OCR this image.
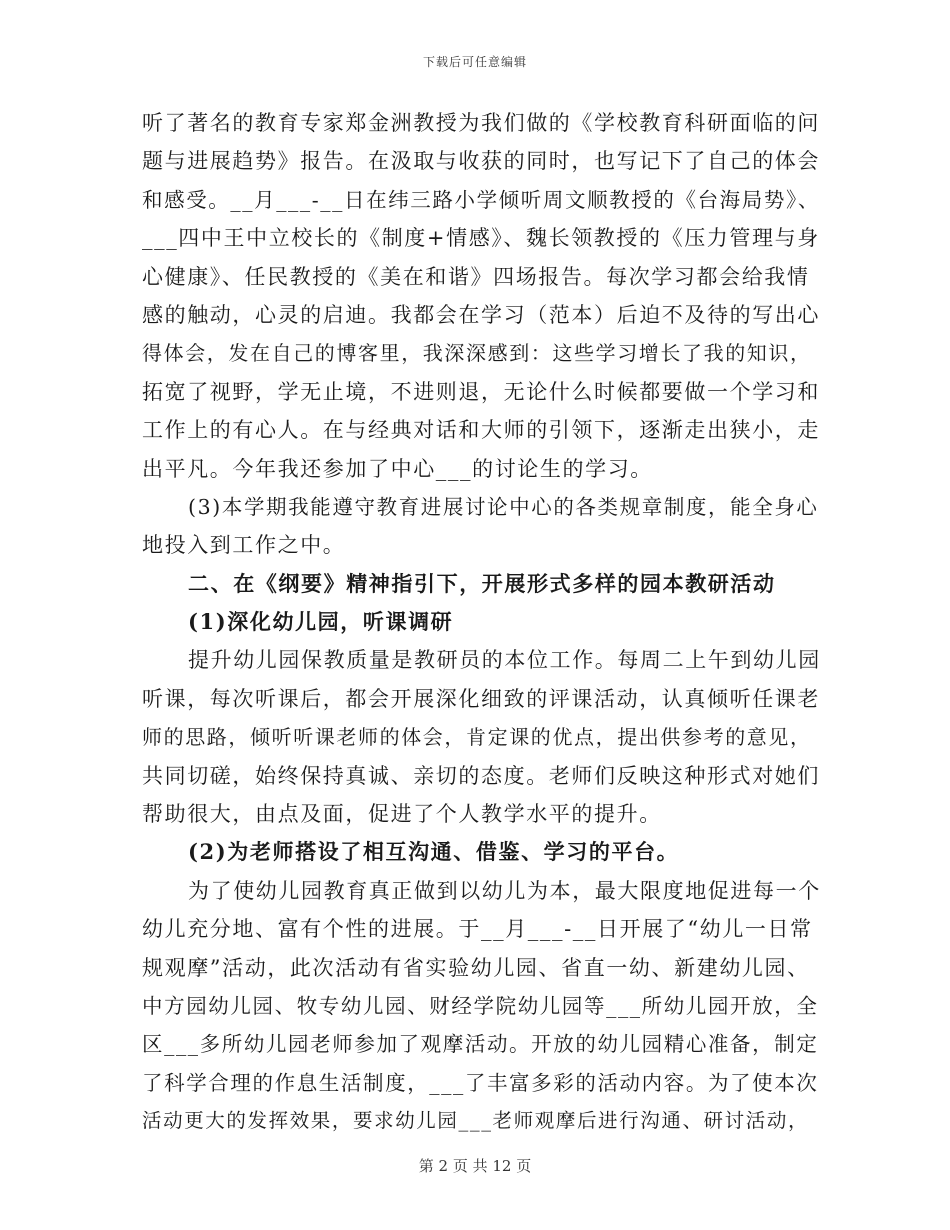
下载后可任意编辑
听了著名的教育专家郑金洲教授为我们做的《学校教育科研面临的问
题与进展趋势》报告。在汲取与收获的同时，也写记下了自己的体会
和感受。__月___-__日在纬三路小学倾听周文顺教授的《台海局势》、
___四中王中立校长的《制度+情感》、魏长领教授的《压力管理与身
心健康》、任民教授的《美在和谐》四场报告。每次学习都会给我情
感的触动，心灵的启迪。我都会在学习（范本）后迫不及待的写出心
得体会，发在自己的博客里，我深深感到：这些学习增长了我的知识，
拓宽了视野，学无止境，不进则退，无论什么时候都要做一个学习和
工作上的有心人。在与经典对话和大师的引领下，逐渐走出狭小，走
出平凡。今年我还参加了中心___的讨论生的学习。
(3)本学期我能遵守教育进展讨论中心的各类规章制度，能全身心
地投入到工作之中。
二、在《纲要》精神指引下，开展形式多样的园本教研活动
(1)深化幼儿园，听课调研
提升幼儿园保教质量是教研员的本位工作。每周二上午到幼儿园
听课，每次听课后，都会开展深化细致的评课活动，认真倾听任课老
师的思路，倾听听课老师的体会，肯定课的优点，提出供参考的意见，
共同切磋，始终保持真诚、亲切的态度。老师们反映这种形式对她们
帮助很大，由点及面，促进了个人教学水平的提升。
(2)为老师搭设了相互沟通、借鉴、学习的平台。
为了使幼儿园教育真正做到以幼儿为本，最大限度地促进每一个
幼儿充分地、富有个性的进展。于__月___-__日开展了“幼儿一日常
规观摩”活动，此次活动有省实验幼儿园、省直一幼、新建幼儿园、
中方园幼儿园、牧专幼儿园、财经学院幼儿园等___所幼儿园开放，全
区___多所幼儿园老师参加了观摩活动。开放的幼儿园精心准备，制定
了科学合理的作息生活制度，___了丰富多彩的活动内容。为了使本次
活动更大的发挥效果，要求幼儿园___老师观摩后进行沟通、研讨活动，
第 2 页 共 12 页
